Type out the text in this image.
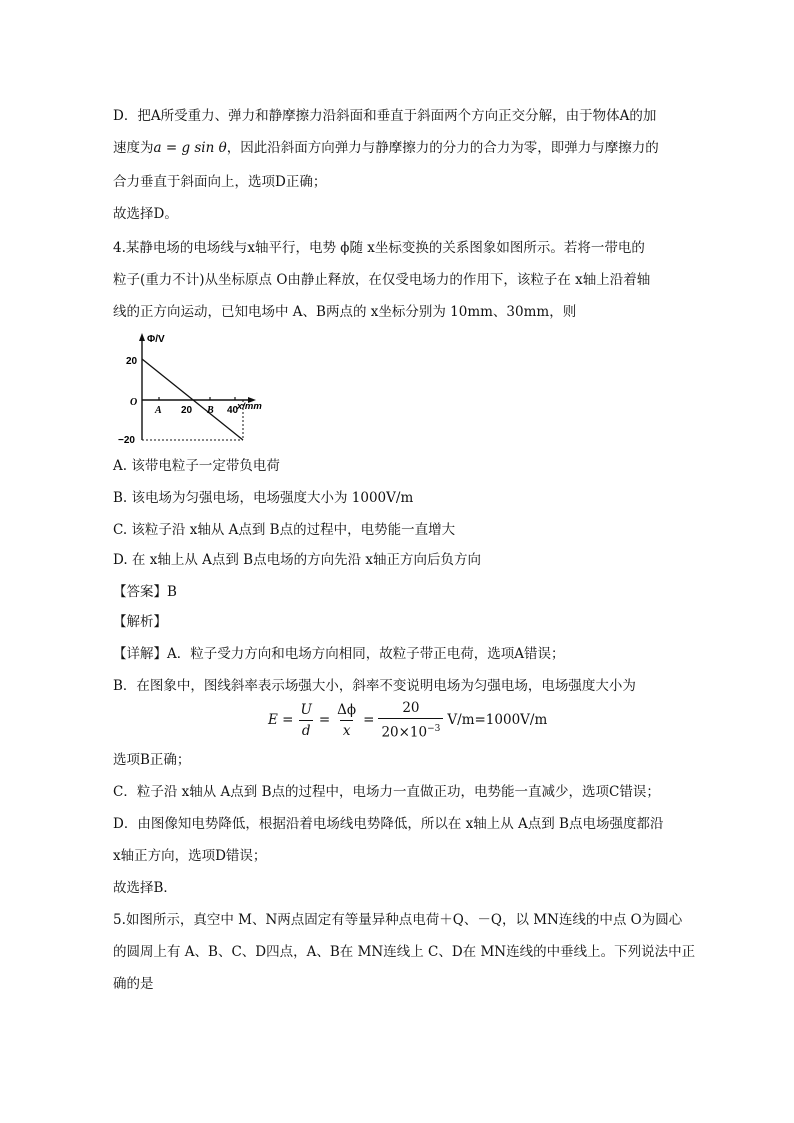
D．把A所受重力、弹力和静摩擦力沿斜面和垂直于斜面两个方向正交分解，由于物体A的加
速度为a = g sin θ，因此沿斜面方向弹力与静摩擦力的分力的合力为零，即弹力与摩擦力的
合力垂直于斜面向上，选项D正确；
故选择D。
4.某静电场的电场线与x轴平行，电势 ϕ随 x坐标变换的关系图象如图所示。若将一带电的
粒子(重力不计)从坐标原点 O由静止释放，在仅受电场力的作用下，该粒子在 x轴上沿着轴
线的正方向运动，已知电场中 A、B两点的 x坐标分别为 10mm、30mm，则
Φ/V
20
−20
O
A 20 B 40
x/mm
A. 该带电粒子一定带负电荷
B. 该电场为匀强电场，电场强度大小为 1000V/m
C. 该粒子沿 x轴从 A点到 B点的过程中，电势能一直增大
D. 在 x轴上从 A点到 B点电场的方向先沿 x轴正方向后负方向
【答案】B
【解析】
【详解】A．粒子受力方向和电场方向相同，故粒子带正电荷，选项A错误；
B．在图象中，图线斜率表示场强大小，斜率不变说明电场为匀强电场，电场强度大小为
$E = \frac{U}{d} = \frac{\Delta\phi}{x} = \frac{20}{20\times 10^{-3}} V/m=1000V/m$
选项B正确；
C．粒子沿 x轴从 A点到 B点的过程中，电场力一直做正功，电势能一直减少，选项C错误；
D．由图像知电势降低，根据沿着电场线电势降低，所以在 x轴上从 A点到 B点电场强度都沿
x轴正方向，选项D错误；
故选择B．
5.如图所示，真空中 M、N两点固定有等量异种点电荷＋Q、－Q，以 MN连线的中点 O为圆心
的圆周上有 A、B、C、D四点，A、B在 MN连线上 C、D在 MN连线的中垂线上。下列说法中正
确的是
